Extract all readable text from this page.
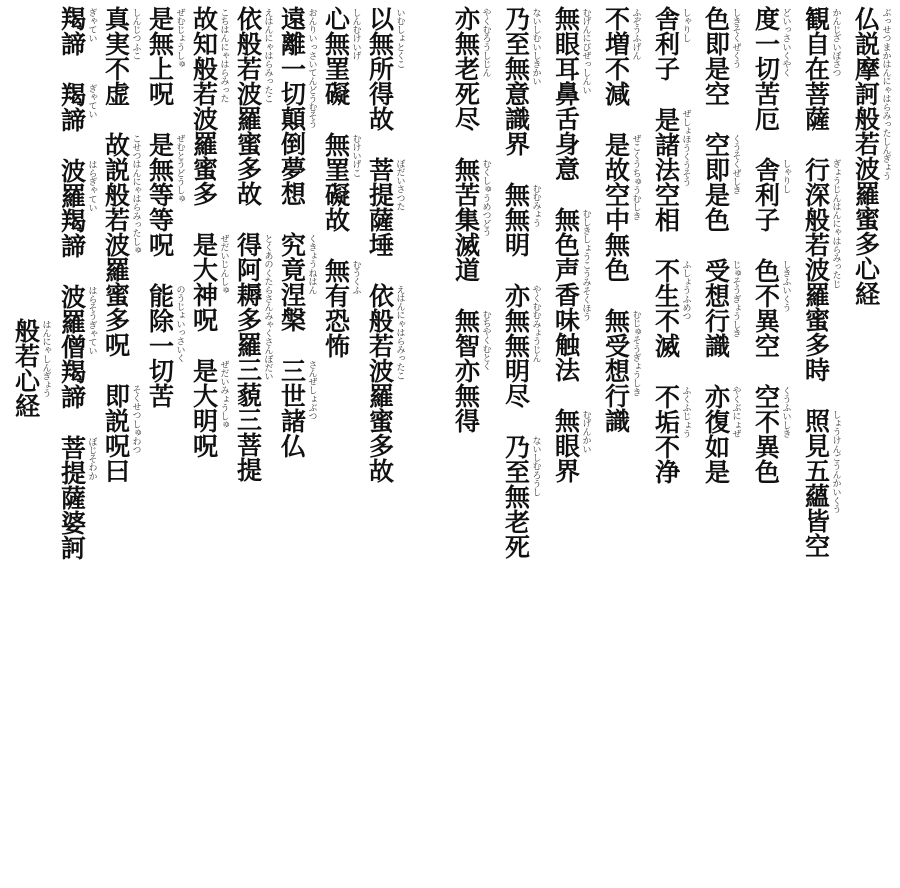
仏説摩訶般若波羅蜜多心経 ぶっせつまかはんにゃはらみったしんぎょう
観自在菩薩 かんじざいぼさつ
行深般若波羅蜜多時 ぎょうじんはんにゃはらみったじ
照見五蘊皆空 しょうけんごうんかいくう
度一切苦厄 どいっさいくやく
舎利子 しゃりし
色不異空 しきふいくう
空不異色 くうふいしき
色即是空 しきそくぜくう
空即是色 くうそくぜしき
受想行識 じゅそうぎょうしき
亦復如是 やくぶにょぜ
舎利子 しゃりし
是諸法空相 ぜしょほうくうそう
不生不滅 ふしょうふめつ
不垢不浄 ふくふじょう
不増不減 ふぞうふげん
是故空中無色 ぜこくうちゅうむしき
無受想行識 むじゅそうぎょうしき
無眼耳鼻舌身意 むげんにびぜっしんい
無色声香味触法 むしきしょうこうみそくほう
無眼界 むげんかい
乃至無意識界 ないしむいしきかい
無無明 むむみょう
亦無無明尽 やくむむみょうじん
乃至無老死 ないしむろうし
亦無老死尽 やくむろうしじん
無苦集滅道 むくしゅうめつどう
無智亦無得 むちやくむとく
以無所得故 いむしょとくこ
菩提薩埵 ぼだいさつた
依般若波羅蜜多故 えはんにゃはらみったこ
心無罣礙 しんむけいげ
無罣礙故 むけいげこ
無有恐怖 むうくふ
遠離一切顛倒夢想 おんりいっさいてんどうむそう
究竟涅槃 くきょうねはん
三世諸仏 さんぜしょぶつ
依般若波羅蜜多故 えはんにゃはらみったこ
得阿耨多羅三藐三菩提 とくあのくたらさんみゃくさんぼだい
故知般若波羅蜜多 こちはんにゃはらみった
是大神呪 ぜだいじんしゅ
是大明呪 ぜだいみょうしゅ
是無上呪 ぜむじょうしゅ
是無等等呪 ぜむとうどうしゅ
能除一切苦 のうじょいっさいく
真実不虚 しんじつふこ
故説般若波羅蜜多呪 こせつはんにゃはらみったしゅ
即説呪曰 そくせつしゅわつ
羯諦 ぎゃてい
羯諦 ぎゃてい
波羅羯諦 はらぎゃてい
波羅僧羯諦 はらそうぎゃてい
菩提薩婆訶 ぼじそわか
般若心経 はんにゃしんぎょう
